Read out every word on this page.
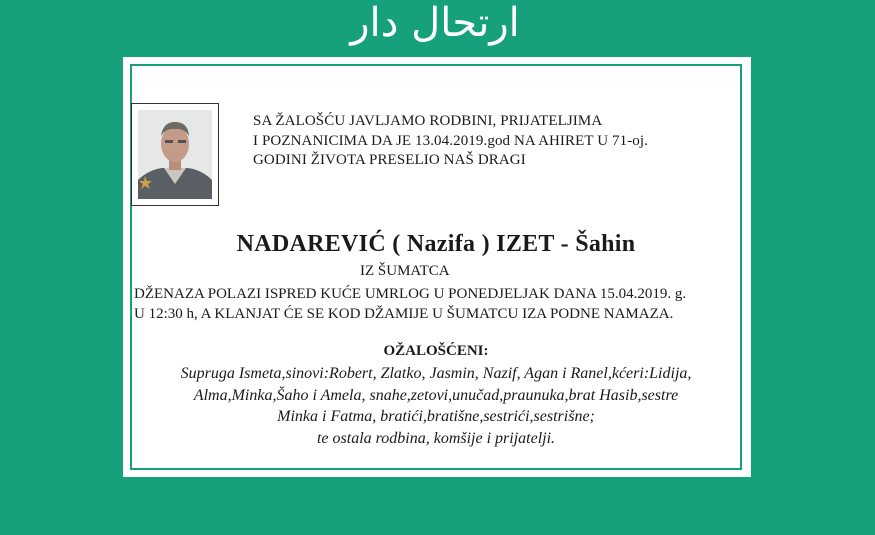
ارتحال دار
SA ŽALOŠĆU JAVLJAMO RODBINI, PRIJATELJIMA
I POZNANICIMA DA JE 13.04.2019.god NA AHIRET U 71-oj.
GODINI ŽIVOTA PRESELIO NAŠ DRAGI
NADAREVIĆ ( Nazifa ) IZET - Šahin
IZ ŠUMATCA
DŽENAZA POLAZI ISPRED KUĆE UMRLOG U PONEDJELJAK DANA 15.04.2019. g.
U 12:30 h, A KLANJAT ĆE SE KOD DŽAMIJE U ŠUMATCU IZA PODNE NAMAZA.
OŽALOŠĆENI:
Supruga Ismeta,sinovi:Robert, Zlatko, Jasmin, Nazif, Agan i Ranel,kćeri:Lidija,
Alma,Minka,Šaho i Amela, snahe,zetovi,unučad,praunuka,brat Hasib,sestre
Minka i Fatma, bratići,bratišne,sestrići,sestrišne;
te ostala rodbina, komšije i prijatelji.
